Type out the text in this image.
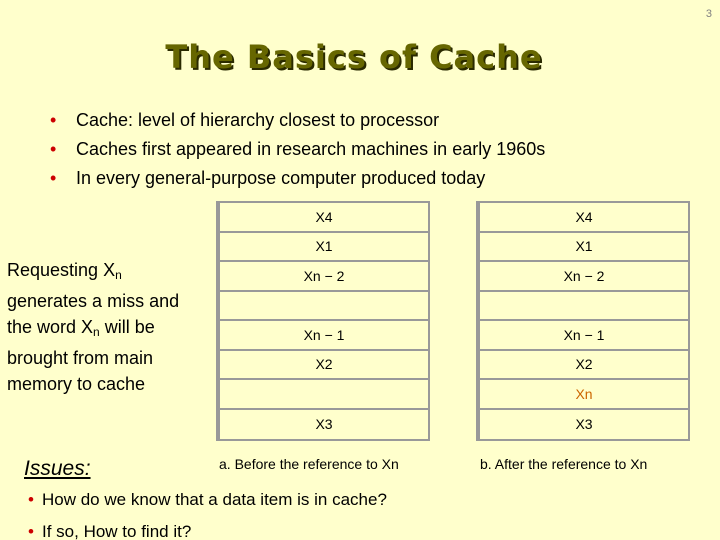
3
The Basics of Cache
• Cache: level of hierarchy closest to processor
• Caches first appeared in research machines in early 1960s
• In every general-purpose computer produced today
Requesting $X_n$
generates a miss and
the word $X_n$ will be
brought from main
memory to cache
X4
X1
Xn − 2
Xn − 1
X2
X3
a. Before the reference to Xn
X4
X1
Xn − 2
Xn − 1
X2
Xn
X3
b. After the reference to Xn
Issues:
• How do we know that a data item is in cache?
• If so, How to find it?
